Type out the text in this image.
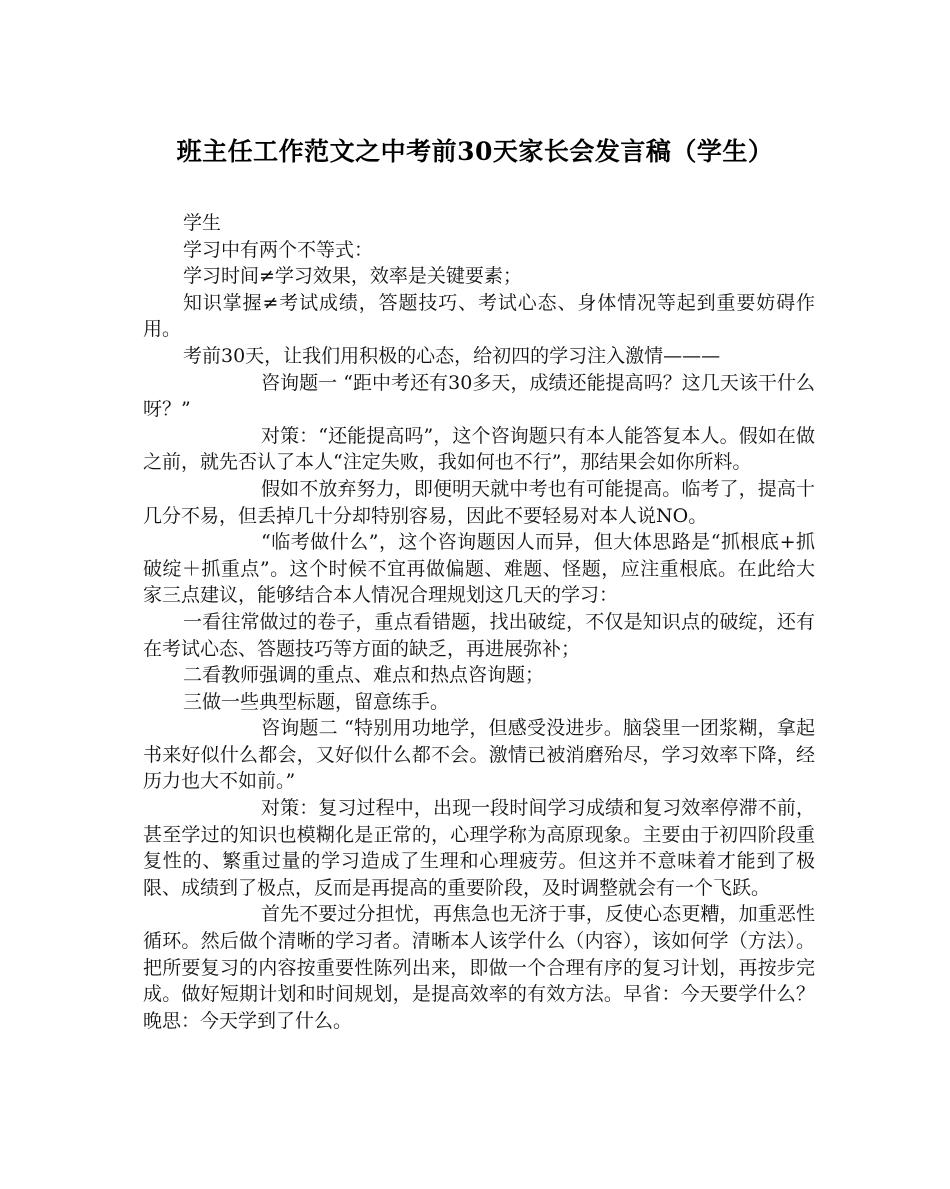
班主任工作范文之中考前30天家长会发言稿（学生）

学生

学习中有两个不等式：

学习时间≠学习效果，效率是关键要素；

知识掌握≠考试成绩，答题技巧、考试心态、身体情况等起到重要妨碍作用。

考前30天，让我们用积极的心态，给初四的学习注入激情———

咨询题一 “距中考还有30多天，成绩还能提高吗？这几天该干什么呀？”

对策：“还能提高吗”，这个咨询题只有本人能答复本人。假如在做之前，就先否认了本人“注定失败，我如何也不行”，那结果会如你所料。

假如不放弃努力，即便明天就中考也有可能提高。临考了，提高十几分不易，但丢掉几十分却特别容易，因此不要轻易对本人说NO。

“临考做什么”，这个咨询题因人而异，但大体思路是“抓根底+抓破绽＋抓重点”。这个时候不宜再做偏题、难题、怪题，应注重根底。在此给大家三点建议，能够结合本人情况合理规划这几天的学习：

一看往常做过的卷子，重点看错题，找出破绽，不仅是知识点的破绽，还有在考试心态、答题技巧等方面的缺乏，再进展弥补；

二看教师强调的重点、难点和热点咨询题；

三做一些典型标题，留意练手。

咨询题二 “特别用功地学，但感受没进步。脑袋里一团浆糊，拿起书来好似什么都会，又好似什么都不会。激情已被消磨殆尽，学习效率下降，经历力也大不如前。”

对策：复习过程中，出现一段时间学习成绩和复习效率停滞不前，甚至学过的知识也模糊化是正常的，心理学称为高原现象。主要由于初四阶段重复性的、繁重过量的学习造成了生理和心理疲劳。但这并不意味着才能到了极限、成绩到了极点，反而是再提高的重要阶段，及时调整就会有一个飞跃。

首先不要过分担忧，再焦急也无济于事，反使心态更糟，加重恶性循环。然后做个清晰的学习者。清晰本人该学什么（内容），该如何学（方法）。把所要复习的内容按重要性陈列出来，即做一个合理有序的复习计划，再按步完成。做好短期计划和时间规划，是提高效率的有效方法。早省：今天要学什么？晚思：今天学到了什么。
